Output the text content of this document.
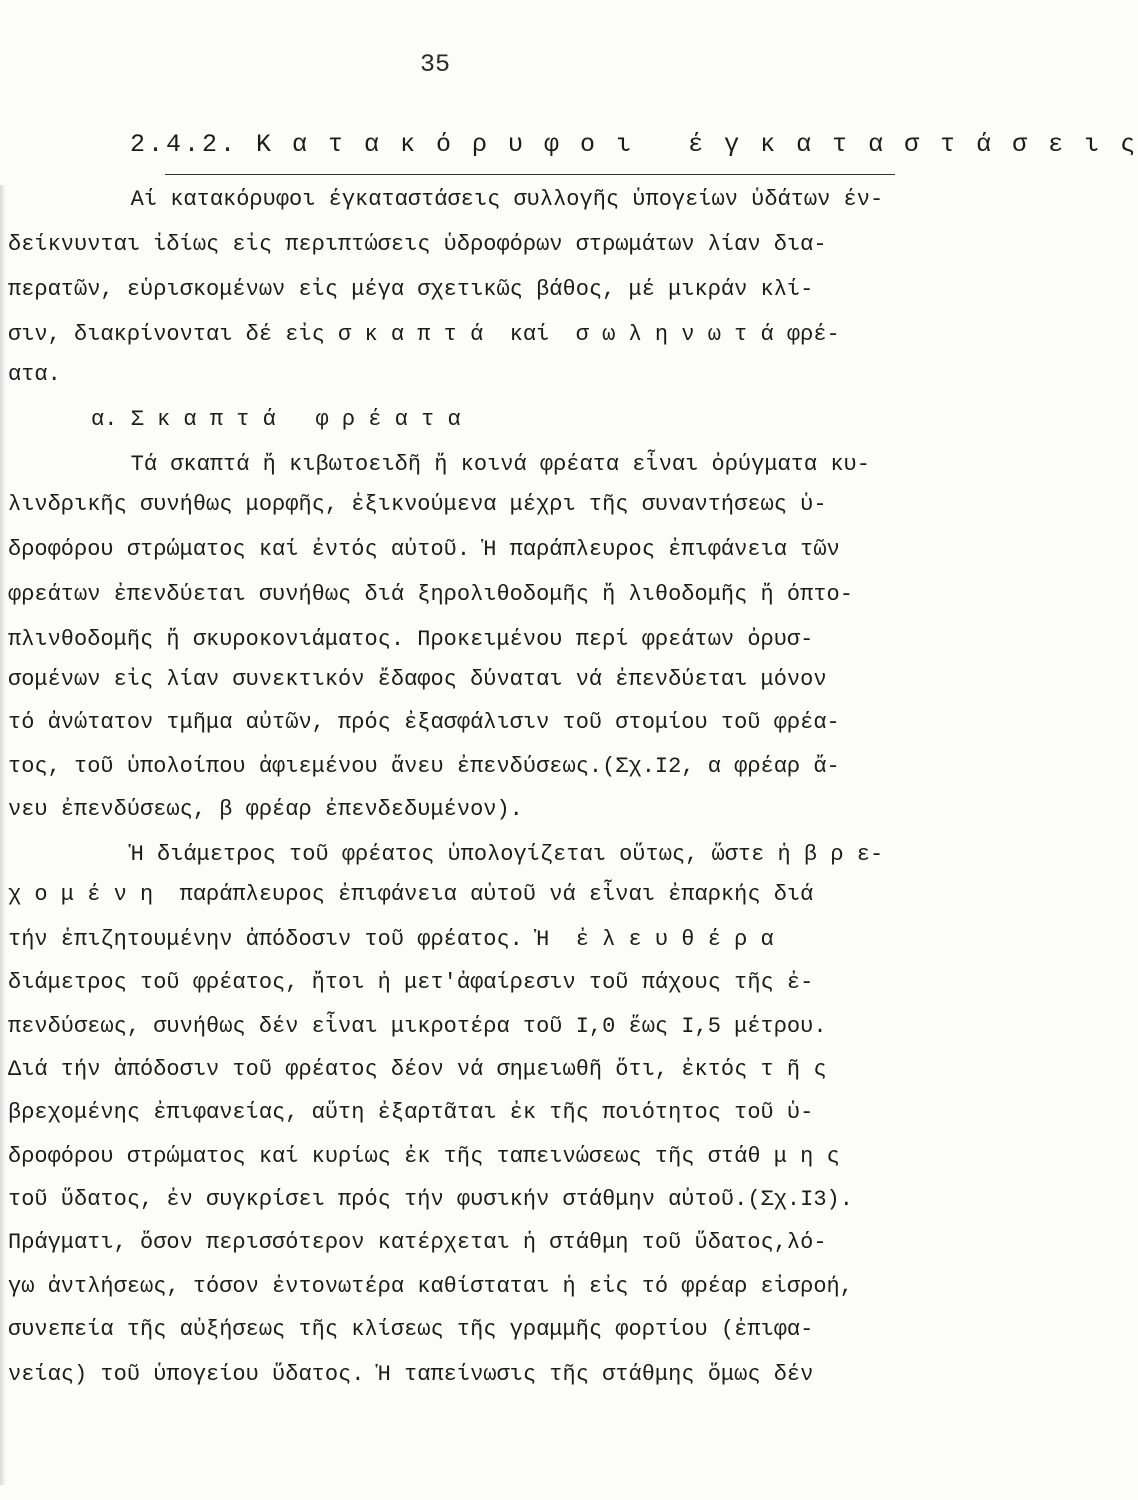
35
2.4.2. Κ α τ α κ ό ρ υ φ ο ι   έ γ κ α τ α σ τ ά σ ε ι ς
Αί κατακόρυφοι έγκαταστάσεις συλλογῆς ὑπογείων ὑδάτων έν-
δείκνυνται ἰδίως εἰς περιπτώσεις ὑδροφόρων στρωμάτων λίαν δια-
περατῶν, εὑρισκομένων εἰς μέγα σχετικῶς βάθος, μέ μικράν κλί-
σιν, διακρίνονται δέ εἰς σ κ α π τ ά  καί  σ ω λ η ν ω τ ά φρέ-
ατα.
α. Σ κ α π τ ά   φ ρ έ α τ α
Τά σκαπτά ἤ κιβωτοειδῆ ἤ κοινά φρέατα εἶναι ὀρύγματα κυ-
λινδρικῆς συνήθως μορφῆς, ἐξικνούμενα μέχρι τῆς συναντήσεως ὑ-
δροφόρου στρώματος καί ἐντός αὐτοῦ. Ἡ παράπλευρος ἐπιφάνεια τῶν
φρεάτων ἐπενδύεται συνήθως διά ξηρολιθοδομῆς ἤ λιθοδομῆς ἤ όπτο-
πλινθοδομῆς ἤ σκυροκονιάματος. Προκειμένου περί φρεάτων ὀρυσ-
σομένων εἰς λίαν συνεκτικόν ἔδαφος δύναται νά ἐπενδύεται μόνον
τό ἀνώτατον τμῆμα αὐτῶν, πρός ἐξασφάλισιν τοῦ στομίου τοῦ φρέα-
τος, τοῦ ὑπολοίπου ἀφιεμένου ἄνευ ἐπενδύσεως.(Σχ.Ι2, α φρέαρ ἄ-
νευ ἐπενδύσεως, β φρέαρ ἐπενδεδυμένον).
Ἡ διάμετρος τοῦ φρέατος ὑπολογίζεται οὕτως, ὥστε ἡ β ρ ε-
χ ο μ έ ν η  παράπλευρος ἐπιφάνεια αὐτοῦ νά εἶναι ἐπαρκής διά
τήν ἐπιζητουμένην ἀπόδοσιν τοῦ φρέατος. Ἡ  ἐ λ ε υ θ έ ρ α
διάμετρος τοῦ φρέατος, ἤτοι ἡ μετ'ἀφαίρεσιν τοῦ πάχους τῆς ἐ-
πενδύσεως, συνήθως δέν εἶναι μικροτέρα τοῦ Ι,0 ἕως Ι,5 μέτρου.
Διά τήν ἀπόδοσιν τοῦ φρέατος δέον νά σημειωθῆ ὅτι, ἐκτός τ ῆ ς
βρεχομένης ἐπιφανείας, αὕτη ἐξαρτᾶται ἐκ τῆς ποιότητος τοῦ ὑ-
δροφόρου στρώματος καί κυρίως ἐκ τῆς ταπεινώσεως τῆς στάθ μ η ς
τοῦ ὕδατος, ἐν συγκρίσει πρός τήν φυσικήν στάθμην αὐτοῦ.(Σχ.Ι3).
Πράγματι, ὅσον περισσότερον κατέρχεται ἡ στάθμη τοῦ ὕδατος,λό-
γω ἀντλήσεως, τόσον ἐντονωτέρα καθίσταται ἡ εἰς τό φρέαρ εἰσροή,
συνεπεία τῆς αὐξήσεως τῆς κλίσεως τῆς γραμμῆς φορτίου (ἐπιφα-
νείας) τοῦ ὑπογείου ὕδατος. Ἡ ταπείνωσις τῆς στάθμης ὅμως δέν
